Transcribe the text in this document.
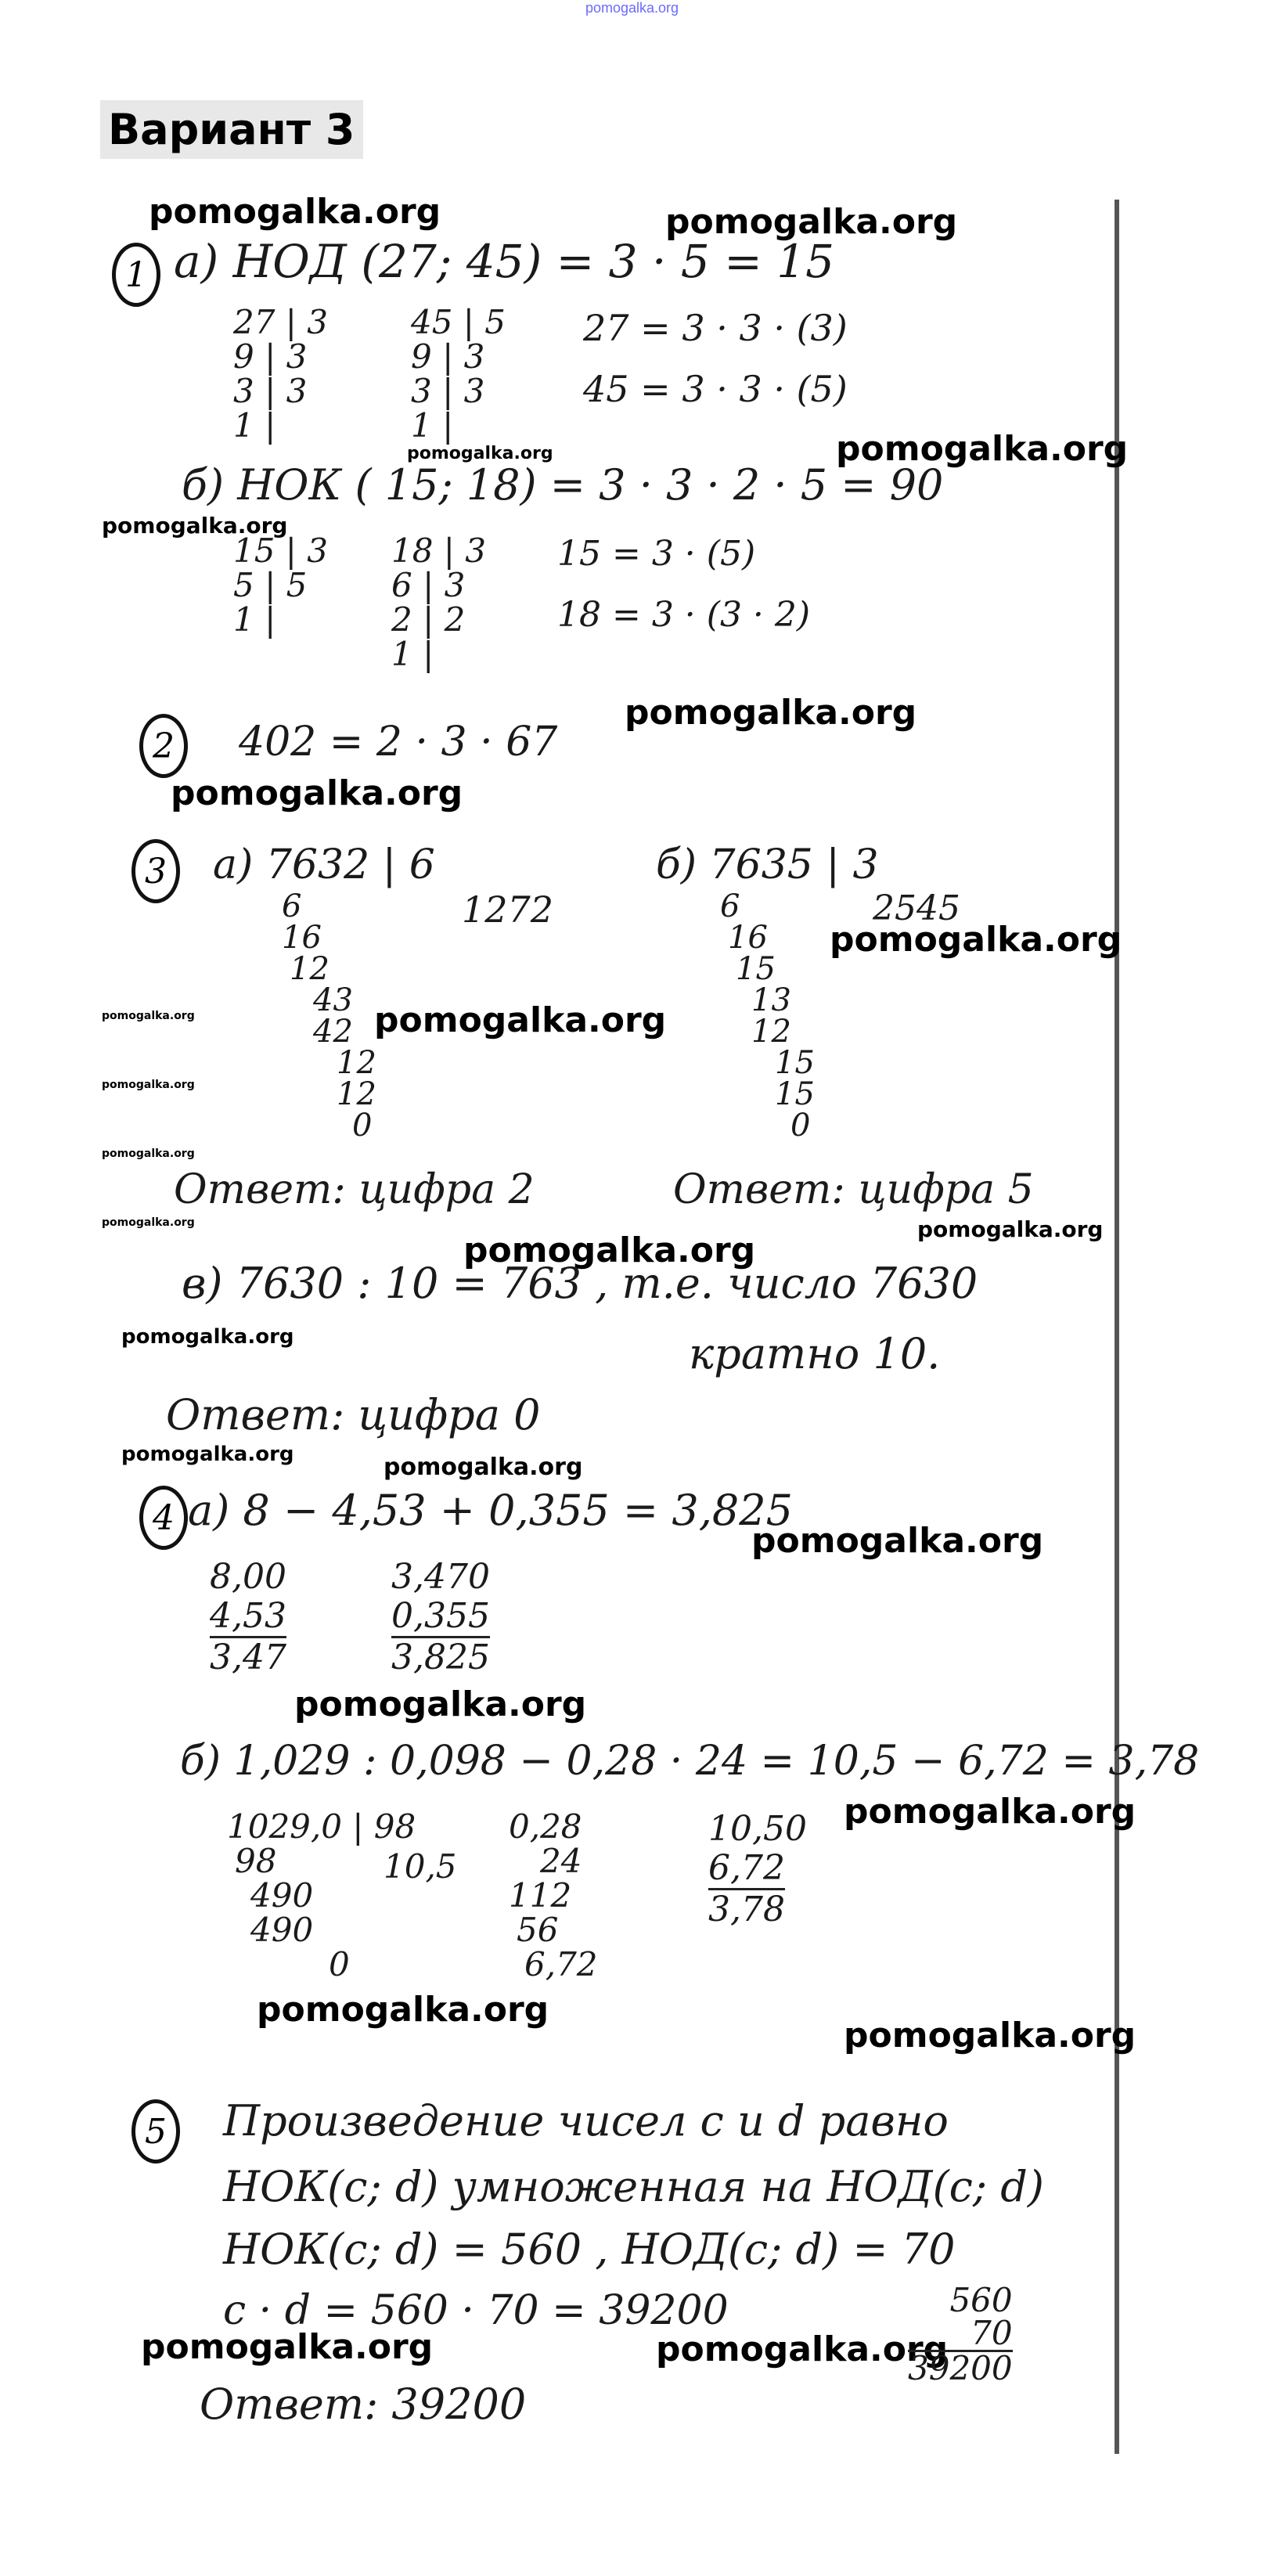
pomogalka.org
Вариант 3
pomogalka.org	pomogalka.org
pomogalka.org
pomogalka.org
pomogalka.org
pomogalka.org
pomogalka.org
pomogalka.org
pomogalka.org	pomogalka.org
pomogalka.org
pomogalka.org
pomogalka.org
pomogalka.org
pomogalka.org
pomogalka.org
pomogalka.org	pomogalka.org
pomogalka.org
pomogalka.org
pomogalka.org
pomogalka.org
pomogalka.org
pomogalka.org	pomogalka.org
1 а) НОД (27; 45) = 3 · 5 = 15
27 | 3
9 | 3
3 | 3
1 |
45 | 5
9 | 3
3 | 3
1 |
27 = 3 · 3 · (3)
45 = 3 · 3 · (5)
б) НОК ( 15; 18) = 3 · 3 · 2 · 5 = 90
15 | 3
5 | 5
1 |
18 | 3
6 | 3
2 | 2
1 |
15 = 3 · (5)
18 = 3 · (3 · 2)
2 402 = 2 · 3 · 67
3 а) 7632 | 6
1272
6
16
12
43
42
12
12
0
б) 7635 | 3
2545
6
16
15
13
12
15
15
0
Ответ: цифра 2	Ответ: цифра 5
в) 7630 : 10 = 763 , т.е. число 7630
кратно 10.
Ответ: цифра 0
4 а) 8 − 4,53 + 0,355 = 3,825
8,00
4,53
3,47
3,470
0,355
3,825
б) 1,029 : 0,098 − 0,28 · 24 = 10,5 − 6,72 = 3,78
1029,0 | 98
98
490
490
0
10,5
0,28
24
112
56
6,72
10,50
6,72
3,78
5 Произведение чисел c и d равно
НОК(c; d) умноженная на НОД(c; d)
НОК(c; d) = 560 , НОД(c; d) = 70
c · d = 560 · 70 = 39200	560
70
39200
Ответ: 39200
